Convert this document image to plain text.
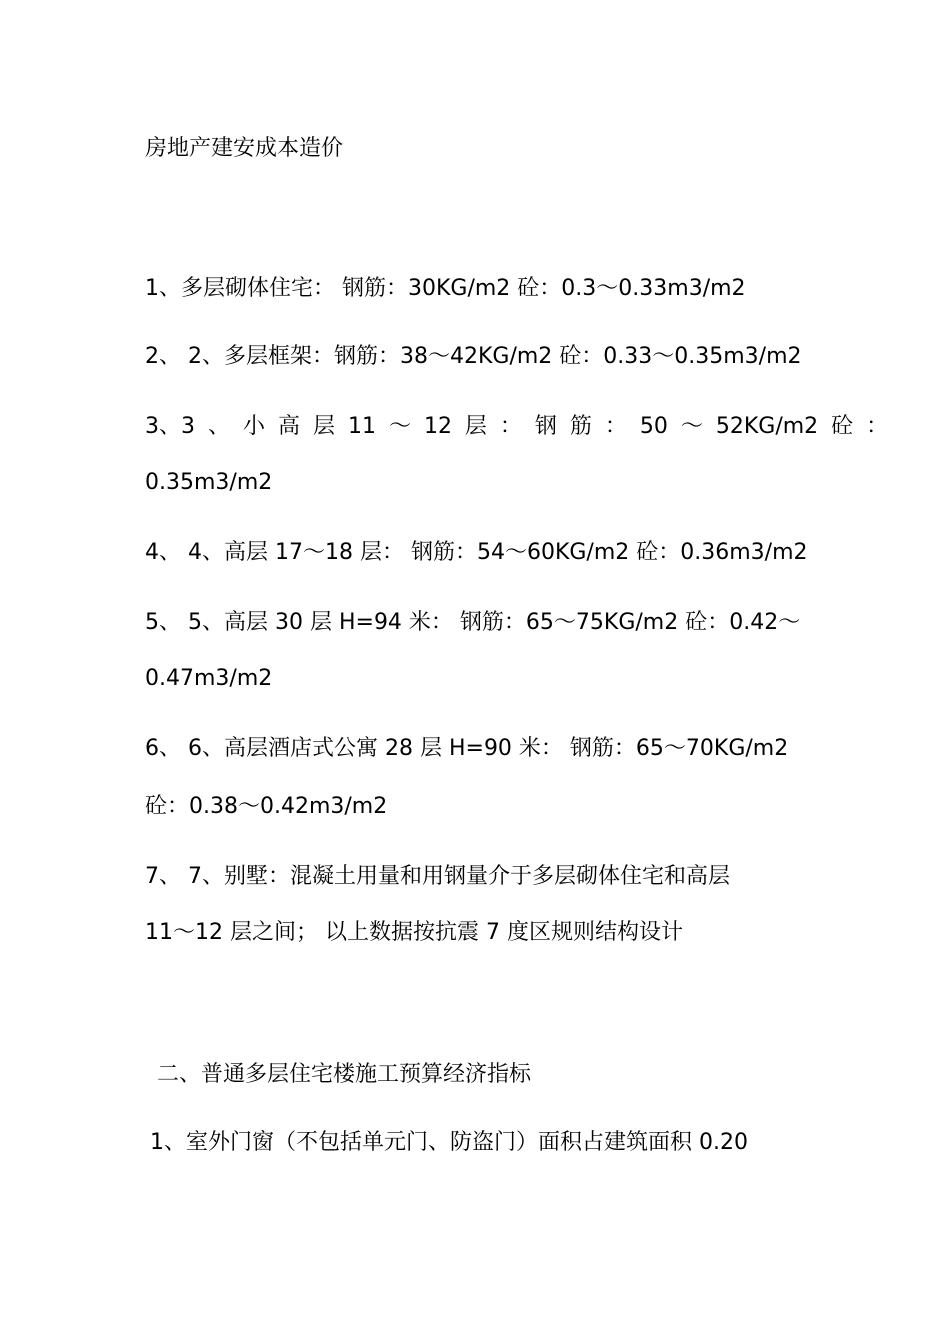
房地产建安成本造价
1、多层砌体住宅： 钢筋：30KG/m2 砼：0.3～0.33m3/m2
2、 2、多层框架：钢筋：38～42KG/m2 砼：0.33～0.35m3/m2
3、3 、 小 高 层 11 ～ 12 层 ： 钢 筋 ： 50 ～ 52KG/m2 砼 ：
0.35m3/m2
4、 4、高层 17～18 层： 钢筋：54～60KG/m2 砼：0.36m3/m2
5、 5、高层 30 层 H=94 米： 钢筋：65～75KG/m2 砼：0.42～
0.47m3/m2
6、 6、高层酒店式公寓 28 层 H=90 米： 钢筋：65～70KG/m2
砼：0.38～0.42m3/m2
7、 7、别墅：混凝土用量和用钢量介于多层砌体住宅和高层
11～12 层之间； 以上数据按抗震 7 度区规则结构设计
二、普通多层住宅楼施工预算经济指标
1、室外门窗（不包括单元门、防盗门）面积占建筑面积 0.20
